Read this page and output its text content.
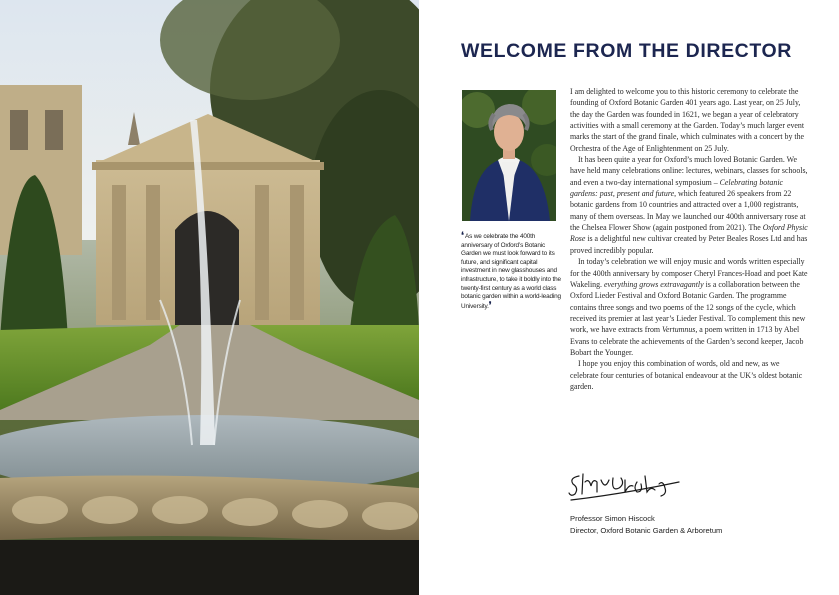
WELCOME FROM THE DIRECTOR
❛ As we celebrate the 400th anniversary of Oxford’s Botanic Garden we must look forward to its future, and significant capital investment in new glasshouses and infrastructure, to take it boldly into the twenty-first century as a world class botanic garden within a world-leading University.❜

I am delighted to welcome you to this historic ceremony to celebrate the founding of Oxford Botanic Garden 401 years ago. Last year, on 25 July, the day the Garden was founded in 1621, we began a year of celebratory activities with a small ceremony at the Garden. Today’s much larger event marks the start of the grand finale, which culminates with a concert by the Orchestra of the Age of Enlightenment on 25 July.

It has been quite a year for Oxford’s much loved Botanic Garden. We have held many celebrations online: lectures, webinars, classes for schools, and even a two-day international symposium – Celebrating botanic gardens: past, present and future, which featured 26 speakers from 22 botanic gardens from 10 countries and attracted over a 1,000 registrants, many of them overseas. In May we launched our 400th anniversary rose at the Chelsea Flower Show (again postponed from 2021). The Oxford Physic Rose is a delightful new cultivar created by Peter Beales Roses Ltd and has proved incredibly popular.

In today’s celebration we will enjoy music and words written especially for the 400th anniversary by composer Cheryl Frances-Hoad and poet Kate Wakeling. everything grows extravagantly is a collaboration between the Oxford Lieder Festival and Oxford Botanic Garden. The programme contains three songs and two poems of the 12 songs of the cycle, which received its premier at last year’s Lieder Festival. To complement this new work, we have extracts from Vertumnus, a poem written in 1713 by Abel Evans to celebrate the achievements of the Garden’s second keeper, Jacob Bobart the Younger.

I hope you enjoy this combination of words, old and new, as we celebrate four centuries of botanical endeavour at the UK’s oldest botanic garden.

Professor Simon Hiscock
Director, Oxford Botanic Garden & Arboretum
